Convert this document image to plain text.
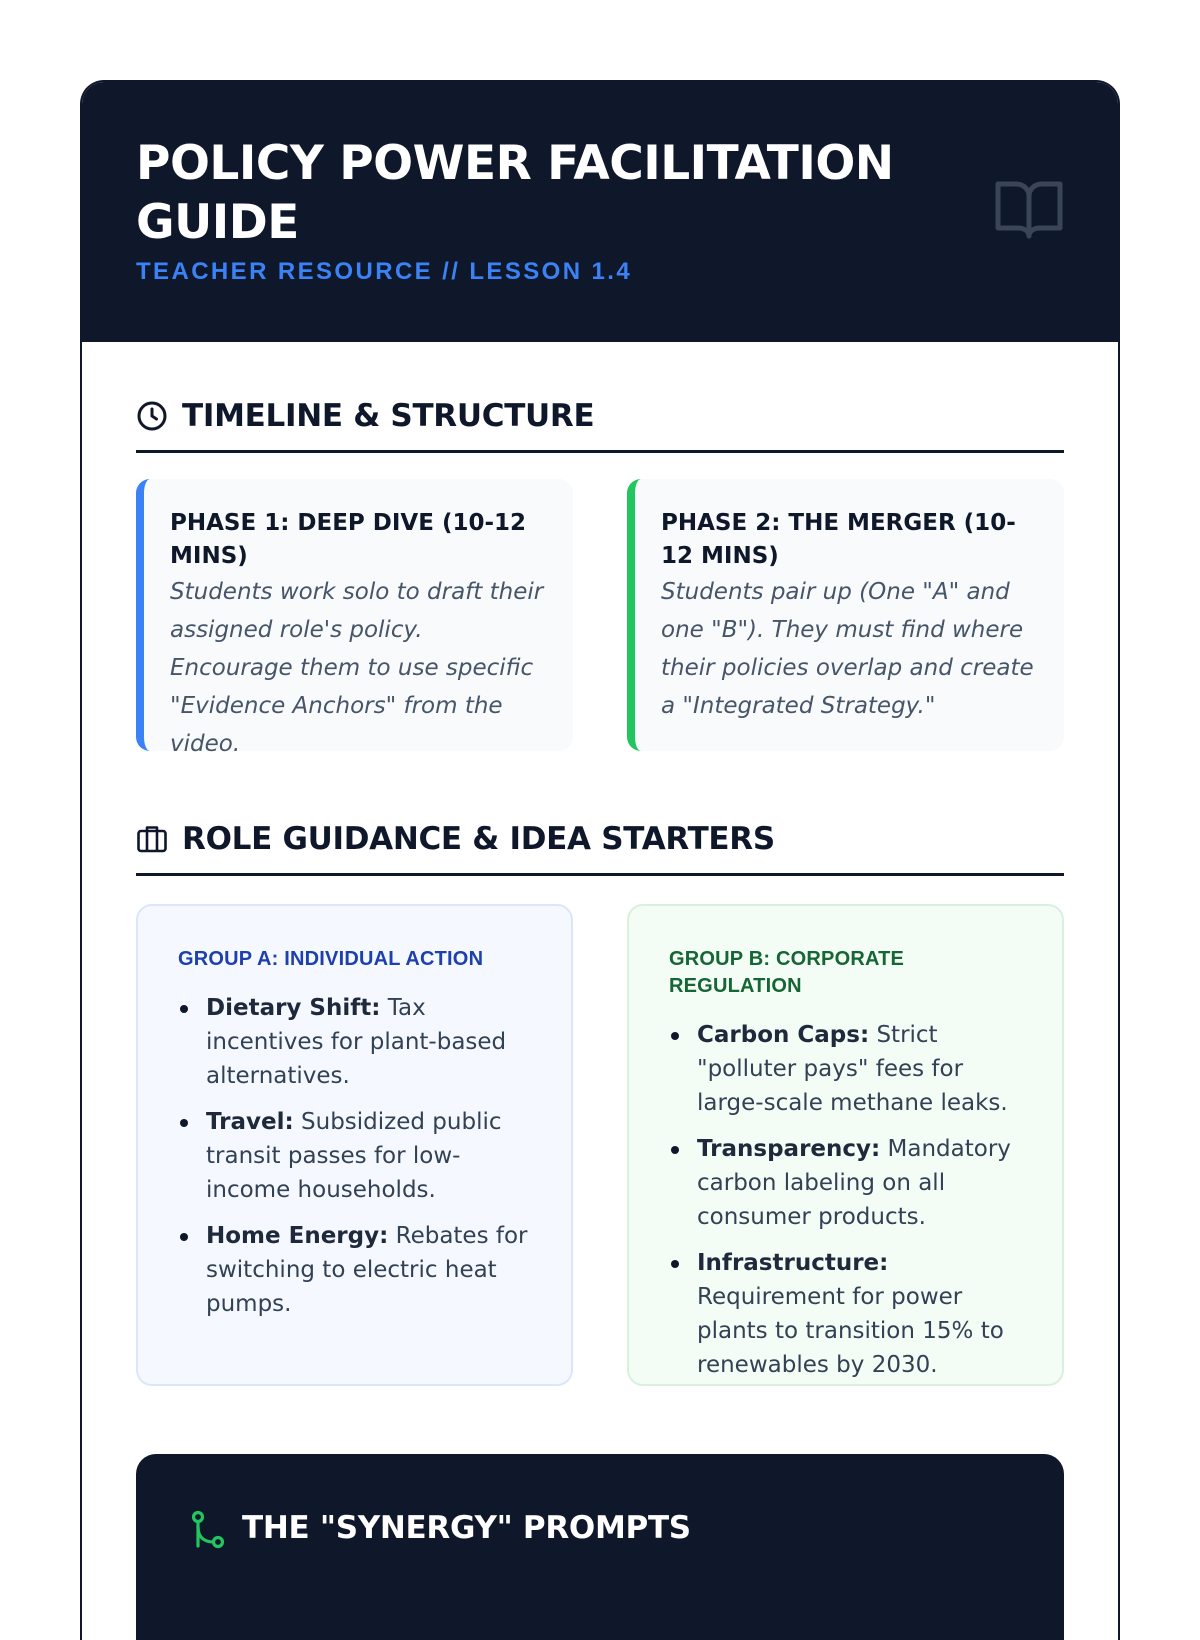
POLICY POWER FACILITATION GUIDE
TEACHER RESOURCE // LESSON 1.4
TIMELINE & STRUCTURE
PHASE 1: DEEP DIVE (10-12 MINS)

Students work solo to draft their assigned role's policy. Encourage them to use specific "Evidence Anchors" from the video.

PHASE 2: THE MERGER (10-12 MINS)

Students pair up (One "A" and one "B"). They must find where their policies overlap and create a "Integrated Strategy."

ROLE GUIDANCE & IDEA STARTERS
GROUP A: INDIVIDUAL ACTION
Dietary Shift: Tax incentives for plant-based alternatives.
Travel: Subsidized public transit passes for low-income households.
Home Energy: Rebates for switching to electric heat pumps.
GROUP B: CORPORATE REGULATION
Carbon Caps: Strict "polluter pays" fees for large-scale methane leaks.
Transparency: Mandatory carbon labeling on all consumer products.
Infrastructure: Requirement for power plants to transition 15% to renewables by 2030.
THE "SYNERGY" PROMPTS
